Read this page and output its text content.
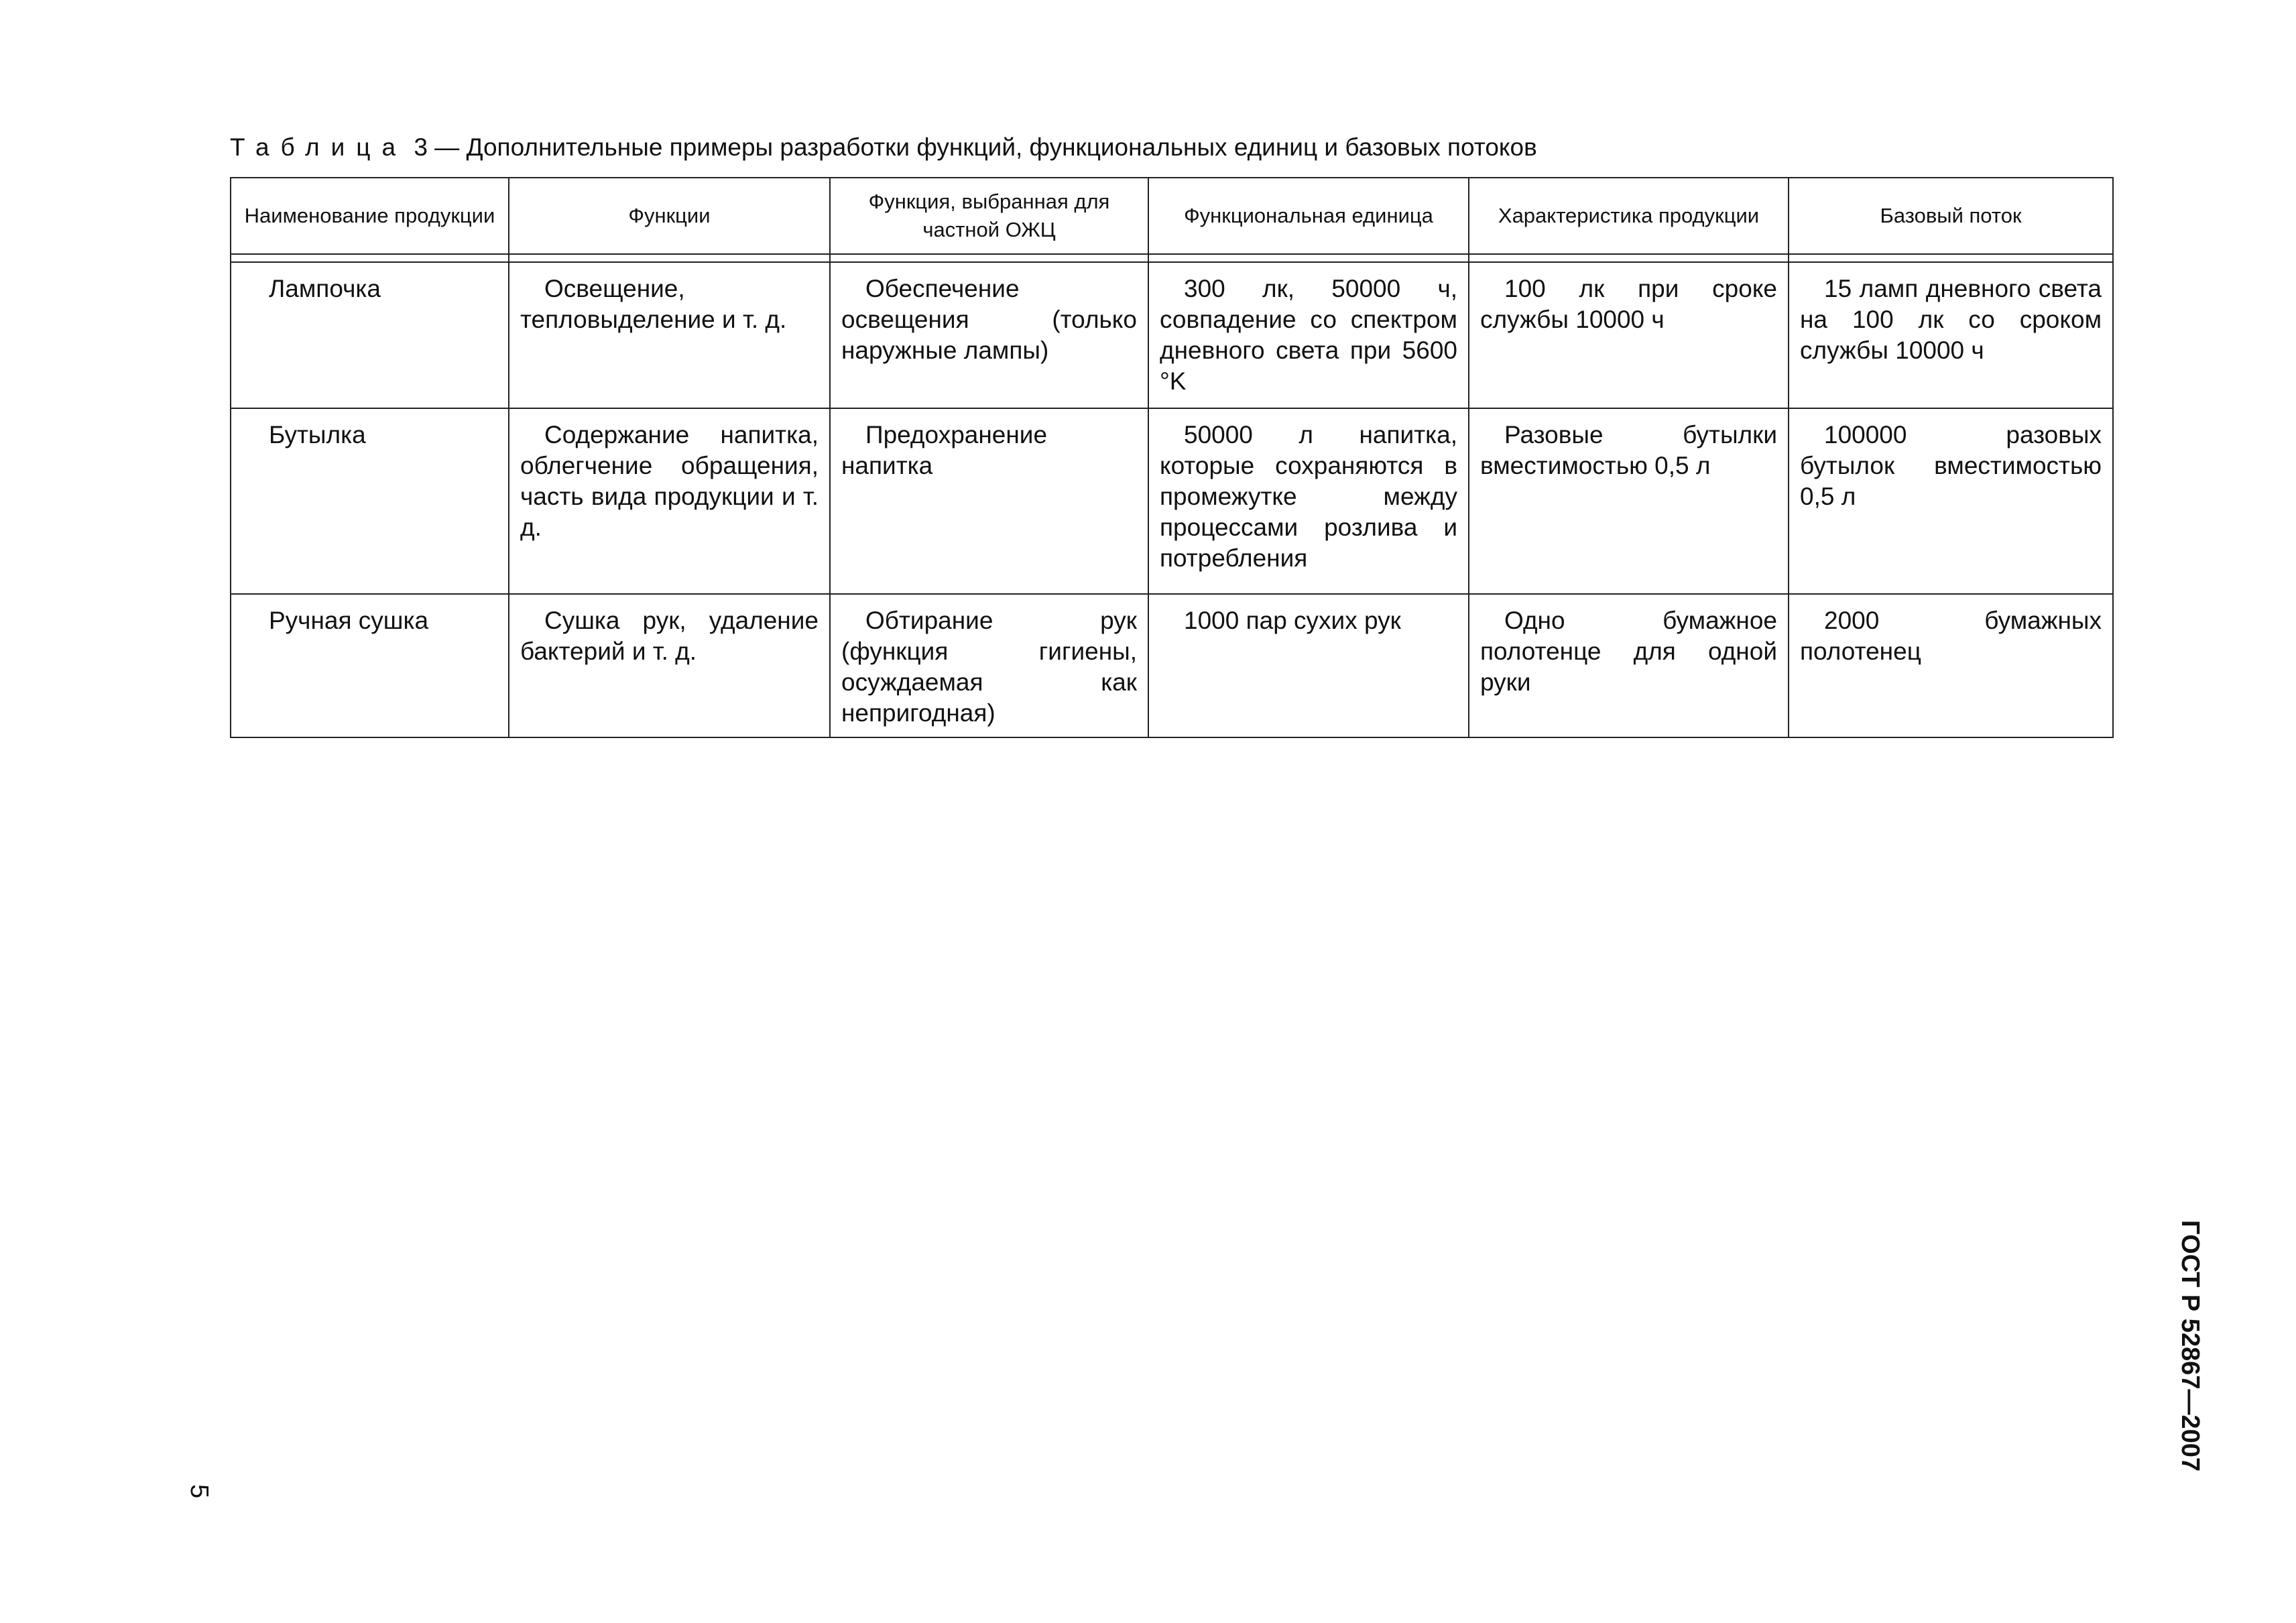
Таблица 3 — Дополнительные примеры разработки функций, функциональных единиц и базовых потоков
Наименование продукции	Функции	Функция, выбранная для частной ОЖЦ	Функциональная единица	Характеристика продукции	Базовый поток

Лампочка	Освещение, тепловыделение и т. д.	Обеспечение освещения (только наружные лампы)	300 лк, 50000 ч, совпадение со спектром дневного света при 5600 °K	100 лк при сроке службы 10000 ч	15 ламп дневного света на 100 лк со сроком службы 10000 ч

Бутылка	Содержание напитка, облегчение обращения, часть вида продукции и т. д.	Предохранение напитка	50000 л напитка, которые сохраняются в промежутке между процессами розлива и потребления	Разовые бутылки вместимостью 0,5 л	100000 разовых бутылок вместимостью 0,5 л

Ручная сушка	Сушка рук, удаление бактерий и т. д.	Обтирание рук (функция гигиены, осуждаемая как непригодная)	1000 пар сухих рук	Одно бумажное полотенце для одной руки	2000 бумажных полотенец
ГОСТ Р 52867—2007
5
